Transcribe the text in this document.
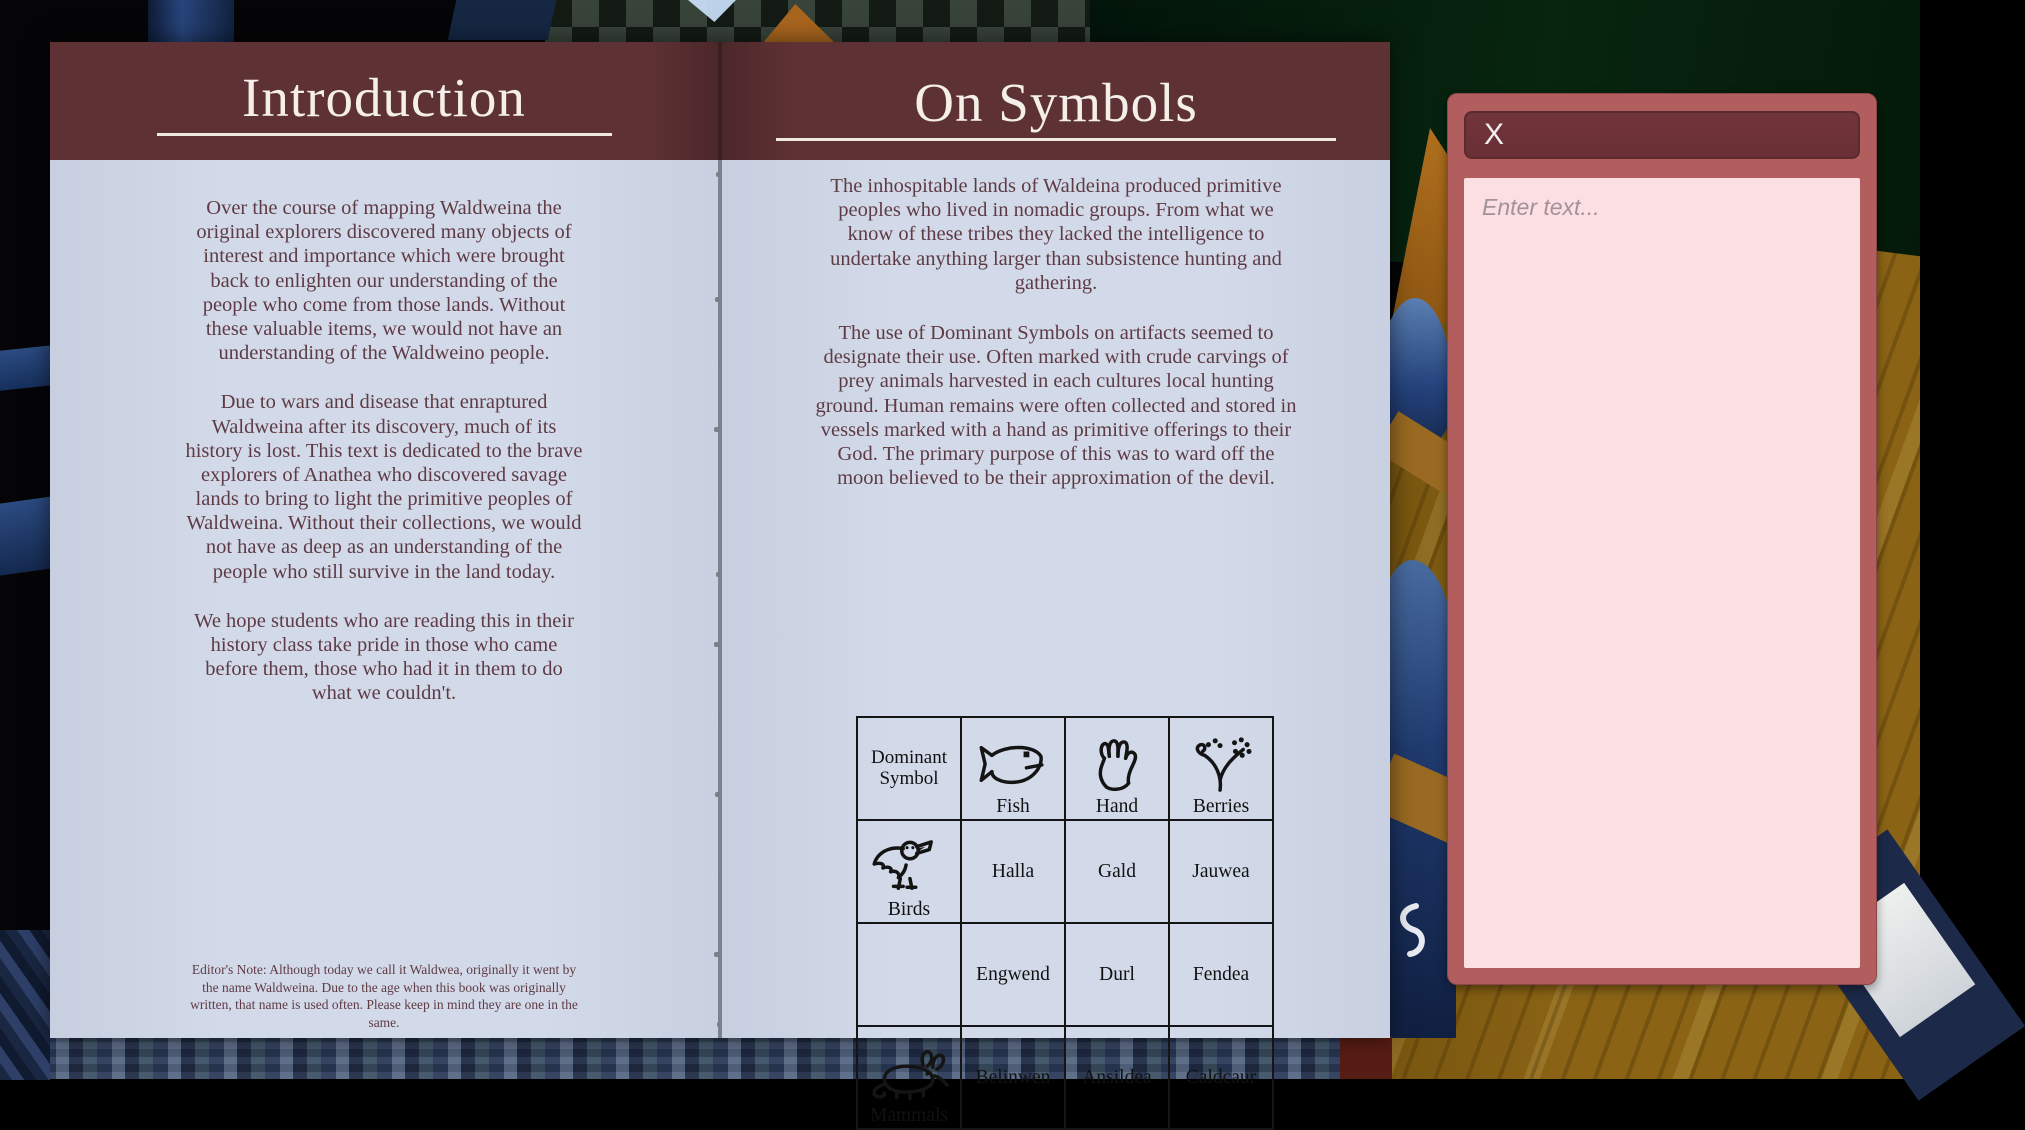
Introduction

Over the course of mapping Waldweina the original explorers discovered many objects of interest and importance which were brought back to enlighten our understanding of the people who come from those lands. Without these valuable items, we would not have an understanding of the Waldweino people.

Due to wars and disease that enraptured Waldweina after its discovery, much of its history is lost. This text is dedicated to the brave explorers of Anathea who discovered savage lands to bring to light the primitive peoples of Waldweina. Without their collections, we would not have as deep as an understanding of the people who still survive in the land today.

We hope students who are reading this in their history class take pride in those who came before them, those who had it in them to do what we couldn't.

Editor's Note: Although today we call it Waldwea, originally it went by the name Waldweina. Due to the age when this book was originally written, that name is used often. Please keep in mind they are one in the same.
On Symbols

The inhospitable lands of Waldeina produced primitive peoples who lived in nomadic groups. From what we know of these tribes they lacked the intelligence to undertake anything larger than subsistence hunting and gathering.

The use of Dominant Symbols on artifacts seemed to designate their use. Often marked with crude carvings of prey animals harvested in each cultures local hunting ground. Human remains were often collected and stored in vessels marked with a hand as primitive offerings to their God. The primary purpose of this was to ward off the moon believed to be their approximation of the devil.

Dominant Symbol	Fish	Hand	Berries

Birds	Halla	Gald	Jauwea
	Engwend	Durl	Fendea

Mammals	Belinwen	Ansildea	Caldcaur
X
Enter text...
